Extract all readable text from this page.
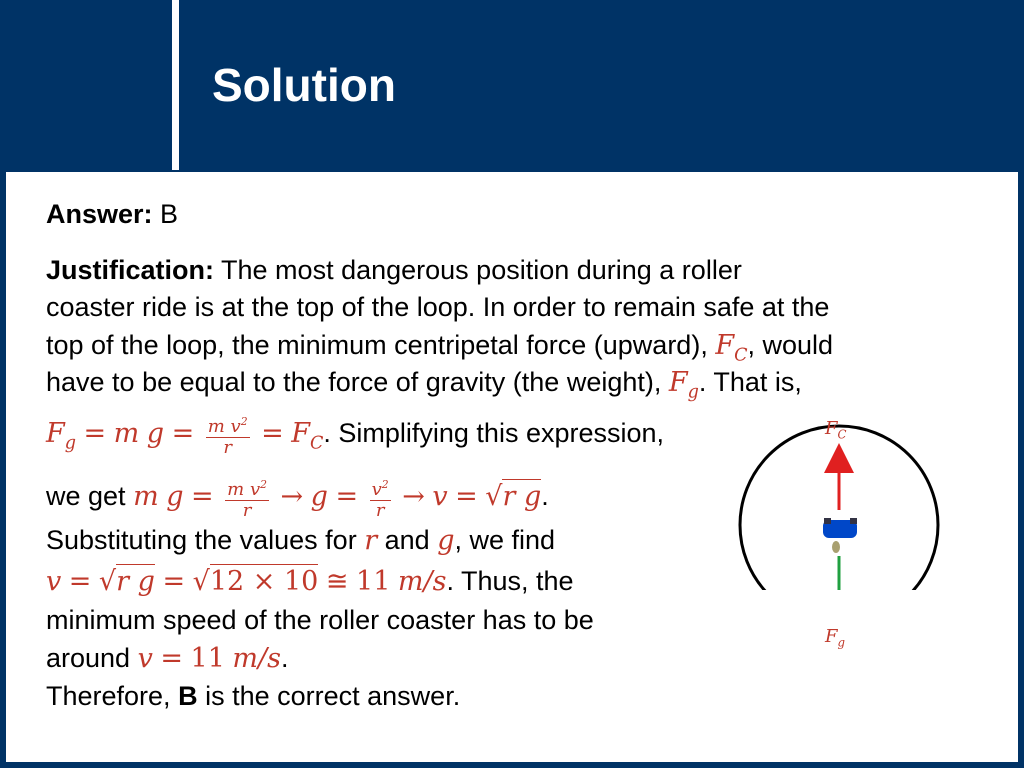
Solution
Answer: B
Justification: The most dangerous position during a roller
coaster ride is at the top of the loop. In order to remain safe at the
top of the loop, the minimum centripetal force (upward), $F_C$, would
have to be equal to the force of gravity (the weight), $F_g$. That is,
$F_g = m$ $g = \frac{m v^2}{r} = F_C$. Simplifying this expression,
we get m $g = \frac{m v^2}{r} \to g = \frac{v^2}{r} \to v = √r$ g.
Substituting the values for r and g, we find
v = √r g = √12 × 10 ≅ 11 m/s. Thus, the
minimum speed of the roller coaster has to be
around v = 11 m/s.
Therefore, B is the correct answer.
$F_C$
$F_g$
